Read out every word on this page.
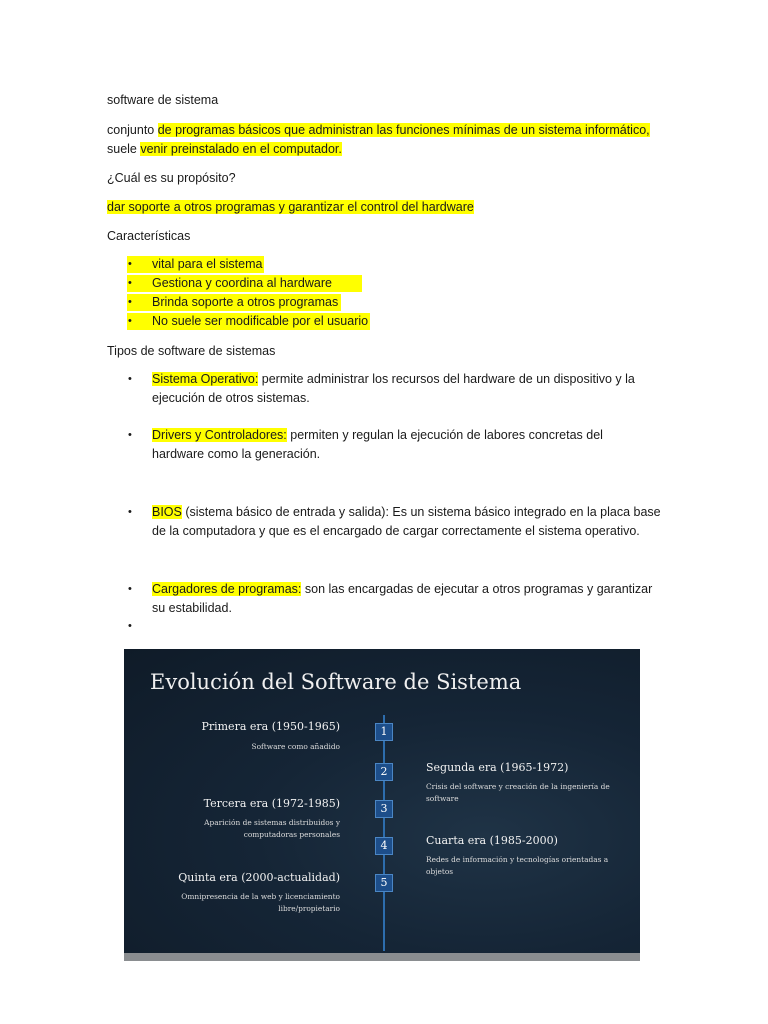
software de sistema
conjunto de programas básicos que administran las funciones mínimas de un sistema informático,
suele venir preinstalado en el computador.
¿Cuál es su propósito?
dar soporte a otros programas y garantizar el control del hardware
Características
• vital para el sistema
• Gestiona y coordina al hardware
• Brinda soporte a otros programas
• No suele ser modificable por el usuario
Tipos de software de sistemas
• Sistema Operativo: permite administrar los recursos del hardware de un dispositivo y la
ejecución de otros sistemas.
• Drivers y Controladores: permiten y regulan la ejecución de labores concretas del
hardware como la generación.
• BIOS (sistema básico de entrada y salida): Es un sistema básico integrado en la placa base
de la computadora y que es el encargado de cargar correctamente el sistema operativo.
• Cargadores de programas: son las encargadas de ejecutar a otros programas y garantizar
su estabilidad.
•
Evolución del Software de Sistema
1
Primera era (1950-1965)
Software como añadido
2	Segunda era (1965-1972)
Crisis del software y creación de la ingeniería de
software
3
Tercera era (1972-1985)
Aparición de sistemas distribuidos y
computadoras personales
4	Cuarta era (1985-2000)
Redes de información y tecnologías orientadas a
objetos
5
Quinta era (2000-actualidad)
Omnipresencia de la web y licenciamiento
libre/propietario
